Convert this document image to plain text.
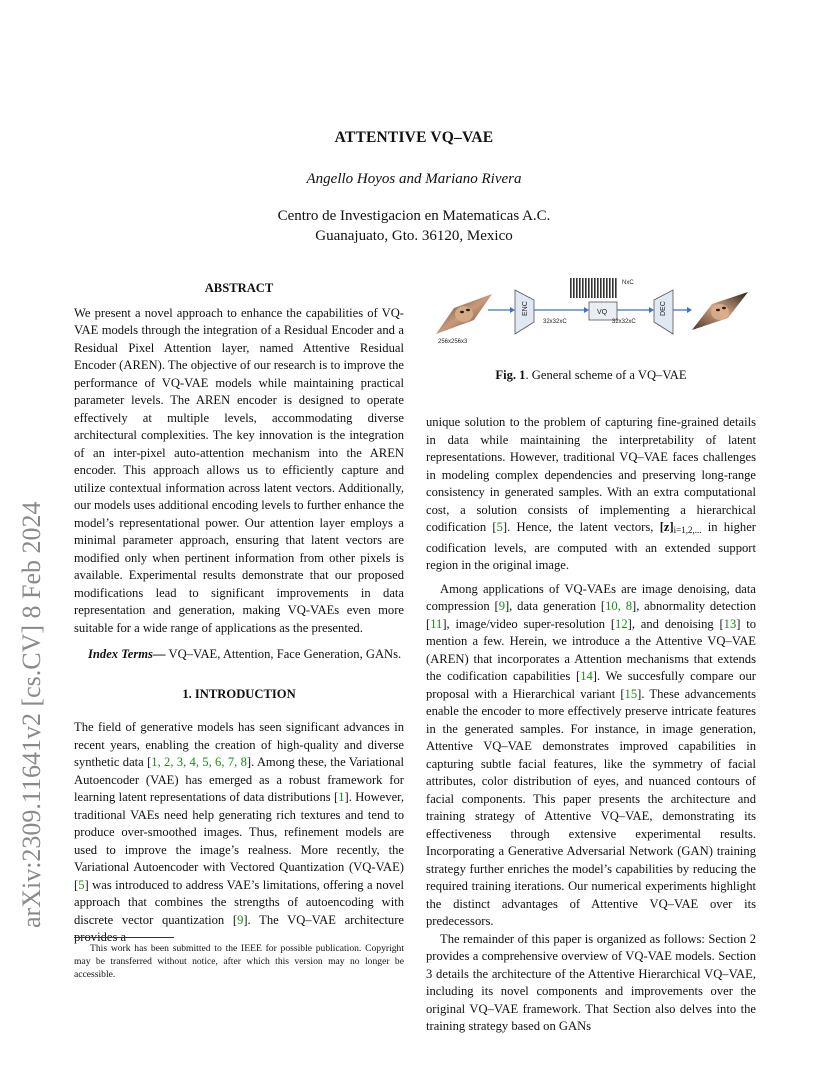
arXiv:2309.11641v2 [cs.CV] 8 Feb 2024
ATTENTIVE VQ–VAE
Angello Hoyos and Mariano Rivera
Centro de Investigacion en Matematicas A.C.
Guanajuato, Gto. 36120, Mexico
ABSTRACT

We present a novel approach to enhance the capabilities of VQ-VAE models through the integration of a Residual Encoder and a Residual Pixel Attention layer, named Attentive Residual Encoder (AREN). The objective of our research is to improve the performance of VQ-VAE models while maintaining practical parameter levels. The AREN encoder is designed to operate effectively at multiple levels, accommodating diverse architectural complexities. The key innovation is the integration of an inter-pixel auto-attention mechanism into the AREN encoder. This approach allows us to efficiently capture and utilize contextual information across latent vectors. Additionally, our models uses additional encoding levels to further enhance the model’s representational power. Our attention layer employs a minimal parameter approach, ensuring that latent vectors are modified only when pertinent information from other pixels is available. Experimental results demonstrate that our proposed modifications lead to significant improvements in data representation and generation, making VQ-VAEs even more suitable for a wide range of applications as the presented.

Index Terms— VQ–VAE, Attention, Face Generation, GANs.

1. INTRODUCTION

The field of generative models has seen significant advances in recent years, enabling the creation of high-quality and diverse synthetic data [1, 2, 3, 4, 5, 6, 7, 8]. Among these, the Variational Autoencoder (VAE) has emerged as a robust framework for learning latent representations of data distributions [1]. However, traditional VAEs need help generating rich textures and tend to produce over-smoothed images. Thus, refinement models are used to improve the image’s realness. More recently, the Variational Autoencoder with Vectored Quantization (VQ-VAE) [5] was introduced to address VAE’s limitations, offering a novel approach that combines the strengths of autoencoding with discrete vector quantization [9]. The VQ–VAE architecture provides a

This work has been submitted to the IEEE for possible publication. Copyright may be transferred without notice, after which this version may no longer be accessible.
256x256x3
ENC
32x32xC
NxC
VQ
32x32xC
DEC
Fig. 1. General scheme of a VQ–VAE

unique solution to the problem of capturing fine-grained details in data while maintaining the interpretability of latent representations. However, traditional VQ–VAE faces challenges in modeling complex dependencies and preserving long-range consistency in generated samples. With an extra computational cost, a solution consists of implementing a hierarchical codification [5]. Hence, the latent vectors, $[z]_{i=1,2,...}$ in higher codification levels, are computed with an extended support region in the original image.

Among applications of VQ-VAEs are image denoising, data compression [9], data generation [10, 8], abnormality detection [11], image/video super-resolution [12], and denoising [13] to mention a few. Herein, we introduce a the Attentive VQ–VAE (AREN) that incorporates a Attention mechanisms that extends the codification capabilities [14]. We succesfully compare our proposal with a Hierarchical variant [15]. These advancements enable the encoder to more effectively preserve intricate features in the generated samples. For instance, in image generation, Attentive VQ–VAE demonstrates improved capabilities in capturing subtle facial features, like the symmetry of facial attributes, color distribution of eyes, and nuanced contours of facial components. This paper presents the architecture and training strategy of Attentive VQ–VAE, demonstrating its effectiveness through extensive experimental results. Incorporating a Generative Adversarial Network (GAN) training strategy further enriches the model’s capabilities by reducing the required training iterations. Our numerical experiments highlight the distinct advantages of Attentive VQ–VAE over its predecessors.

The remainder of this paper is organized as follows: Section 2 provides a comprehensive overview of VQ-VAE models. Section 3 details the architecture of the Attentive Hierarchical VQ–VAE, including its novel components and improvements over the original VQ–VAE framework. That Section also delves into the training strategy based on GANs
